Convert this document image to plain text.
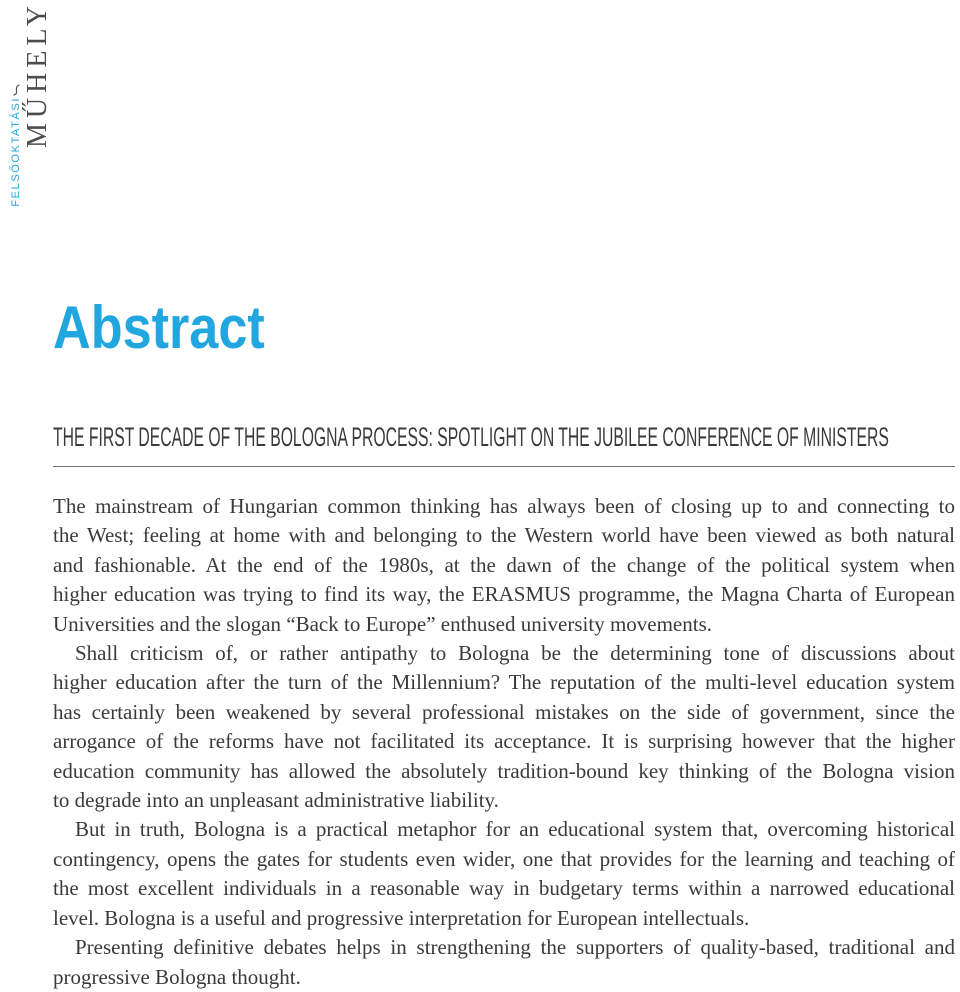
FELSŐOKTATÁSI
MŰHELY
Abstract
THE FIRST DECADE OF THE BOLOGNA PROCESS: SPOTLIGHT ON THE JUBILEE CONFERENCE OF MINISTERS
The mainstream of Hungarian common thinking has always been of closing up to and connecting to
the West; feeling at home with and belonging to the Western world have been viewed as both natural
and fashionable. At the end of the 1980s, at the dawn of the change of the political system when
higher education was trying to find its way, the ERASMUS programme, the Magna Charta of European
Universities and the slogan “Back to Europe” enthused university movements.
Shall criticism of, or rather antipathy to Bologna be the determining tone of discussions about
higher education after the turn of the Millennium? The reputation of the multi-level education system
has certainly been weakened by several professional mistakes on the side of government, since the
arrogance of the reforms have not facilitated its acceptance. It is surprising however that the higher
education community has allowed the absolutely tradition-bound key thinking of the Bologna vision
to degrade into an unpleasant administrative liability.
But in truth, Bologna is a practical metaphor for an educational system that, overcoming historical
contingency, opens the gates for students even wider, one that provides for the learning and teaching of
the most excellent individuals in a reasonable way in budgetary terms within a narrowed educational
level. Bologna is a useful and progressive interpretation for European intellectuals.
Presenting definitive debates helps in strengthening the supporters of quality-based, traditional and
progressive Bologna thought.
